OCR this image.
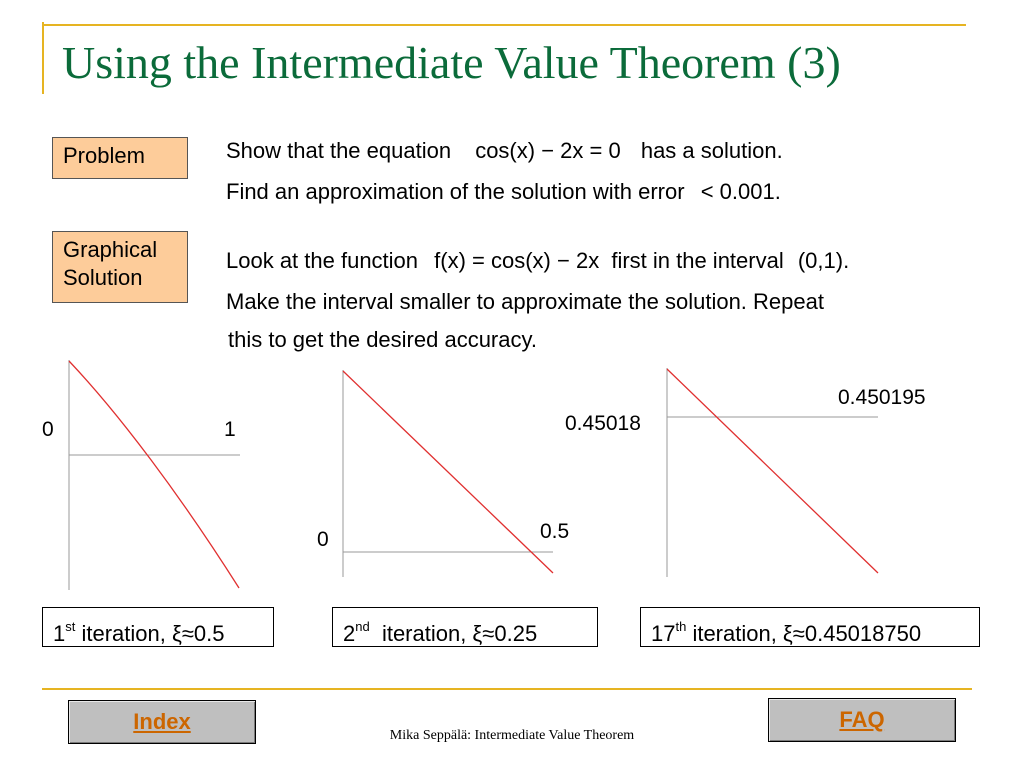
Using the Intermediate Value Theorem (3)
Problem	Show that the equation cos(x) − 2x = 0 has a solution.
Find an approximation of the solution with error < 0.001.
Graphical
Solution
Look at the function f(x) = cos(x) − 2x first in the interval (0,1).
Make the interval smaller to approximate the solution. Repeat
this to get the desired accuracy.
0	1
0	0.5
0.45018
0.450195
1st iteration, ξ≈0.5	2nd  iteration, ξ≈0.25	17th iteration, ξ≈0.45018750
Index	FAQ
Mika Seppälä: Intermediate Value Theorem
